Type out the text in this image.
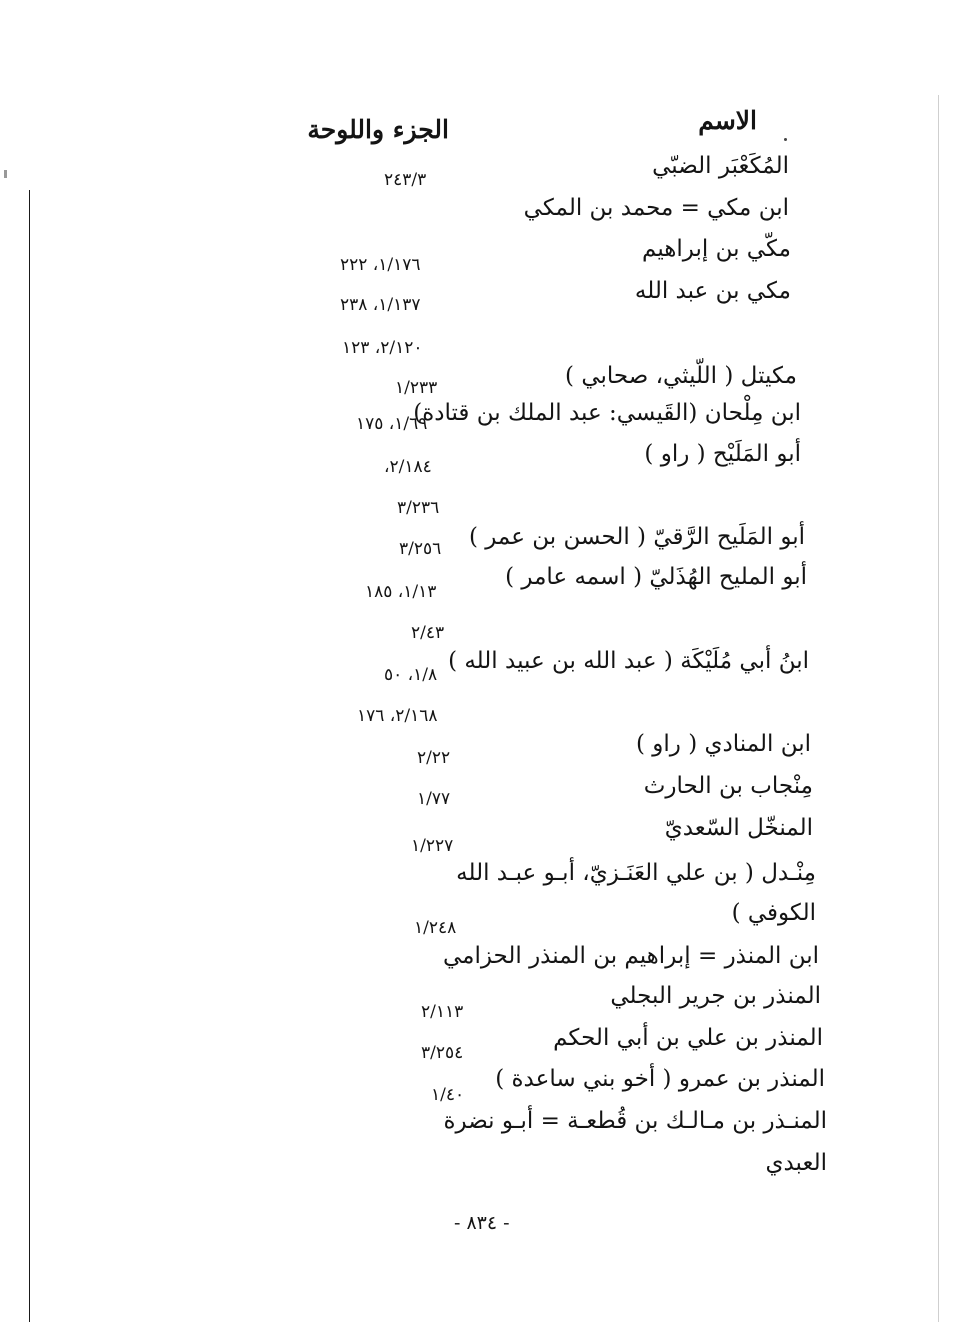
الاسم
الجزء واللوحة
المُكَعْبَر الضبّي
ابن مكي = محمد بن المكي
مكّي بن إبراهيم
مكي بن عبد الله
مكيتل ( اللّيثي، صحابي )
ابن مِلْحان (القَيسي: عبد الملك بن قتادة)
أبو المَلَيْح ( راو )
أبو المَلَيح الرَّقيّ ( الحسن بن عمر )
أبو المليح الهُذَليّ ( اسمه عامر )
ابنُ أبي مُلَيْكَة ( عبد الله بن عبيد الله )
ابن المنادي ( راو )
مِنْجاب بن الحارث
المنخّل السّعديّ
مِنْـدل ( بن علي العَنَـزيّ، أبـو عبـد الله
الكوفي )
ابن المنذر = إبراهيم بن المنذر الحزامي
المنذر بن جرير البجلي
المنذر بن علي بن أبي الحكم
المنذر بن عمرو ( أخو بني ساعدة )
المنـذر بن مـالـك بن قُطعـة = أبـو نضرة
العبدي
٢٤٣/٣
١/١٧٦، ٢٢٢
١/١٣٧، ٢٣٨
٢/١٢٠، ١٢٣
١/٢٣٣
١/٦٩، ١٧٥
٢/١٨٤،
٣/٢٣٦
٣/٢٥٦
١/١٣، ١٨٥
٢/٤٣
١/٨، ٥٠
٢/١٦٨، ١٧٦
٢/٢٢
١/٧٧
١/٢٢٧
١/٢٤٨
٢/١١٣
٣/٢٥٤
١/٤٠
- ٨٣٤ -
